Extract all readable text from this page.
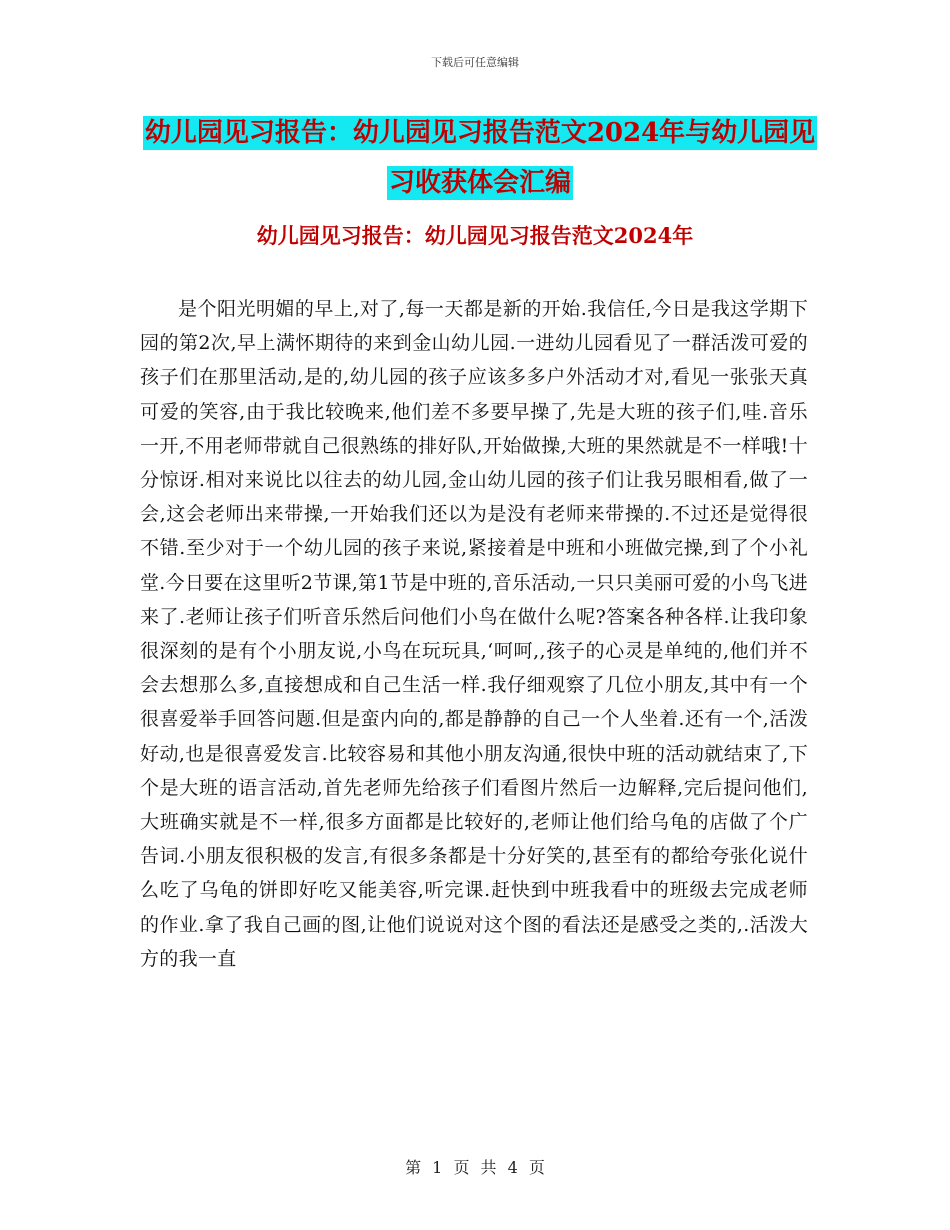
下载后可任意编辑
幼儿园见习报告：幼儿园见习报告范文2024年与幼儿园见习收获体会汇编
幼儿园见习报告：幼儿园见习报告范文2024年

是个阳光明媚的早上,对了,每一天都是新的开始.我信任,今日是我这学期下园的第2次,早上满怀期待的来到金山幼儿园.一进幼儿园看见了一群活泼可爱的孩子们在那里活动,是的,幼儿园的孩子应该多多户外活动才对,看见一张张天真可爱的笑容,由于我比较晚来,他们差不多要早操了,先是大班的孩子们,哇.音乐一开,不用老师带就自己很熟练的排好队,开始做操,大班的果然就是不一样哦!十分惊讶.相对来说比以往去的幼儿园,金山幼儿园的孩子们让我另眼相看,做了一会,这会老师出来带操,一开始我们还以为是没有老师来带操的.不过还是觉得很不错.至少对于一个幼儿园的孩子来说,紧接着是中班和小班做完操,到了个小礼堂.今日要在这里听2节课,第1节是中班的,音乐活动,一只只美丽可爱的小鸟飞进来了.老师让孩子们听音乐然后问他们小鸟在做什么呢?答案各种各样.让我印象很深刻的是有个小朋友说,小鸟在玩玩具,‘呵呵,,孩子的心灵是单纯的,他们并不会去想那么多,直接想成和自己生活一样.我仔细观察了几位小朋友,其中有一个很喜爱举手回答问题.但是蛮内向的,都是静静的自己一个人坐着.还有一个,活泼好动,也是很喜爱发言.比较容易和其他小朋友沟通,很快中班的活动就结束了,下个是大班的语言活动,首先老师先给孩子们看图片然后一边解释,完后提问他们,大班确实就是不一样,很多方面都是比较好的,老师让他们给乌龟的店做了个广告词.小朋友很积极的发言,有很多条都是十分好笑的,甚至有的都给夸张化说什么吃了乌龟的饼即好吃又能美容,听完课.赶快到中班我看中的班级去完成老师的作业.拿了我自己画的图,让他们说说对这个图的看法还是感受之类的,.活泼大方的我一直

第 1 页 共 4 页
